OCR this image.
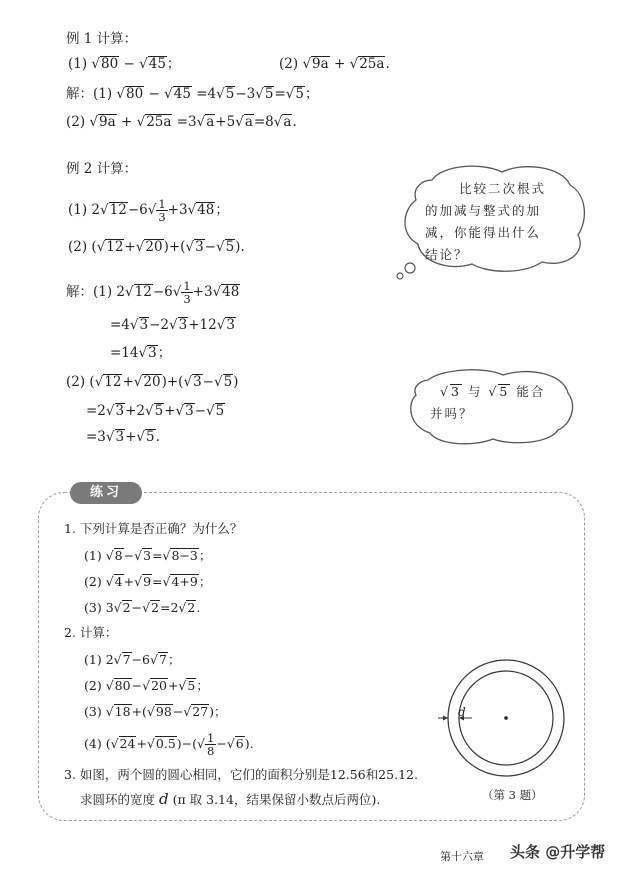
例 1 计算：
(1) √80 − √45；	(2) √9a + √25a.
解：(1) √80 − √45 =4√5−3√5=√5；
(2) √9a + √25a =3√a+5√a=8√a.
例 2 计算：
(1) $2√12-6√ \frac{1}{3} +3√48$；
(2) (√12+√20)+(√3−√5).
解：(1) $2√12-6√ \frac{1}{3} +3√48$
=4√3−2√3+12√3
=14√3；
(2) (√12+√20)+(√3−√5)
=2√3+2√5+√3−√5
=3√3+√5.
比较二次根式
的加减与整式的加
减，你能得出什么
结论？
√3 与 √5 能合
并吗？
练习
1. 下列计算是否正确？为什么？
(1) √8−√3=√8−3；
(2) √4+√9=√4+9；
(3) 3√2−√2=2√2.
2. 计算：
(1) 2√7−6√7；
(2) √80−√20+√5；
(3) √18+(√98−√27)；
(4) $(√24+√0.5)-(√ \frac{1}{8} -√6)$.
3. 如图，两个圆的圆心相同，它们的面积分别是12.56和25.12.
求圆环的宽度 d (π 取 3.14，结果保留小数点后两位).
d
（第 3 题）
第十六章 头条 @升学帮
